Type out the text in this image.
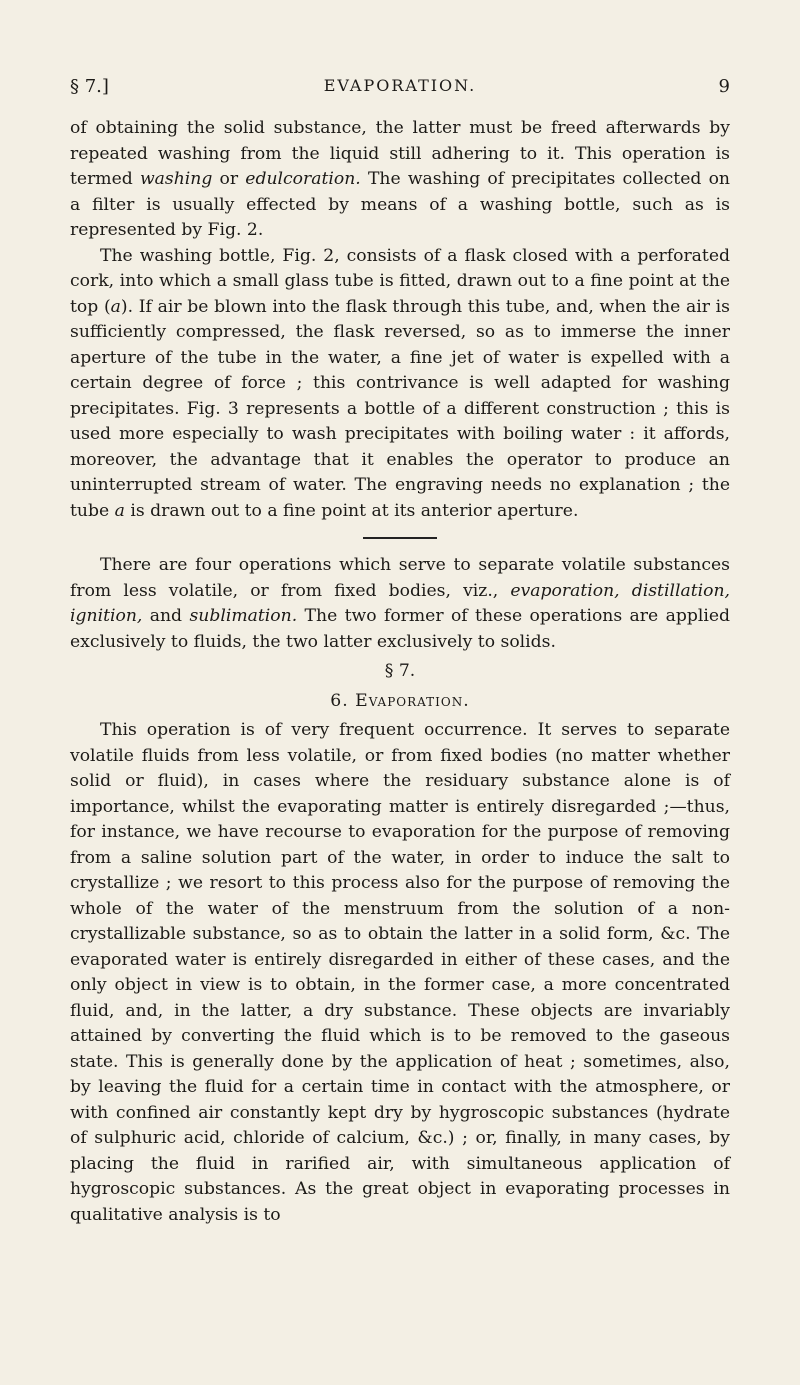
§ 7.]	EVAPORATION.	9

of obtaining the solid substance, the latter must be freed afterwards by repeated washing from the liquid still adhering to it. This operation is termed washing or edulcoration. The washing of precipitates collected on a filter is usually effected by means of a washing bottle, such as is represented by Fig. 2.

The washing bottle, Fig. 2, consists of a flask closed with a perforated cork, into which a small glass tube is fitted, drawn out to a fine point at the top (a). If air be blown into the flask through this tube, and, when the air is sufficiently compressed, the flask reversed, so as to immerse the inner aperture of the tube in the water, a fine jet of water is expelled with a certain degree of force ; this contrivance is well adapted for washing precipitates. Fig. 3 represents a bottle of a different construction ; this is used more especially to wash precipitates with boiling water : it affords, moreover, the advantage that it enables the operator to produce an uninterrupted stream of water. The engraving needs no explanation ; the tube a is drawn out to a fine point at its anterior aperture.

There are four operations which serve to separate volatile substances from less volatile, or from fixed bodies, viz., evaporation, distillation, ignition, and sublimation. The two former of these operations are applied exclusively to fluids, the two latter exclusively to solids.

§ 7.

6. Evaporation.

This operation is of very frequent occurrence. It serves to separate volatile fluids from less volatile, or from fixed bodies (no matter whether solid or fluid), in cases where the residuary substance alone is of importance, whilst the evaporating matter is entirely disregarded ;—thus, for instance, we have recourse to evaporation for the purpose of removing from a saline solution part of the water, in order to induce the salt to crystallize ; we resort to this process also for the purpose of removing the whole of the water of the menstruum from the solution of a non-crystallizable substance, so as to obtain the latter in a solid form, &c. The evaporated water is entirely disregarded in either of these cases, and the only object in view is to obtain, in the former case, a more concentrated fluid, and, in the latter, a dry substance. These objects are invariably attained by converting the fluid which is to be removed to the gaseous state. This is generally done by the application of heat ; sometimes, also, by leaving the fluid for a certain time in contact with the atmosphere, or with confined air constantly kept dry by hygroscopic substances (hydrate of sulphuric acid, chloride of calcium, &c.) ; or, finally, in many cases, by placing the fluid in rarified air, with simultaneous application of hygroscopic substances. As the great object in evaporating processes in qualitative analysis is to
